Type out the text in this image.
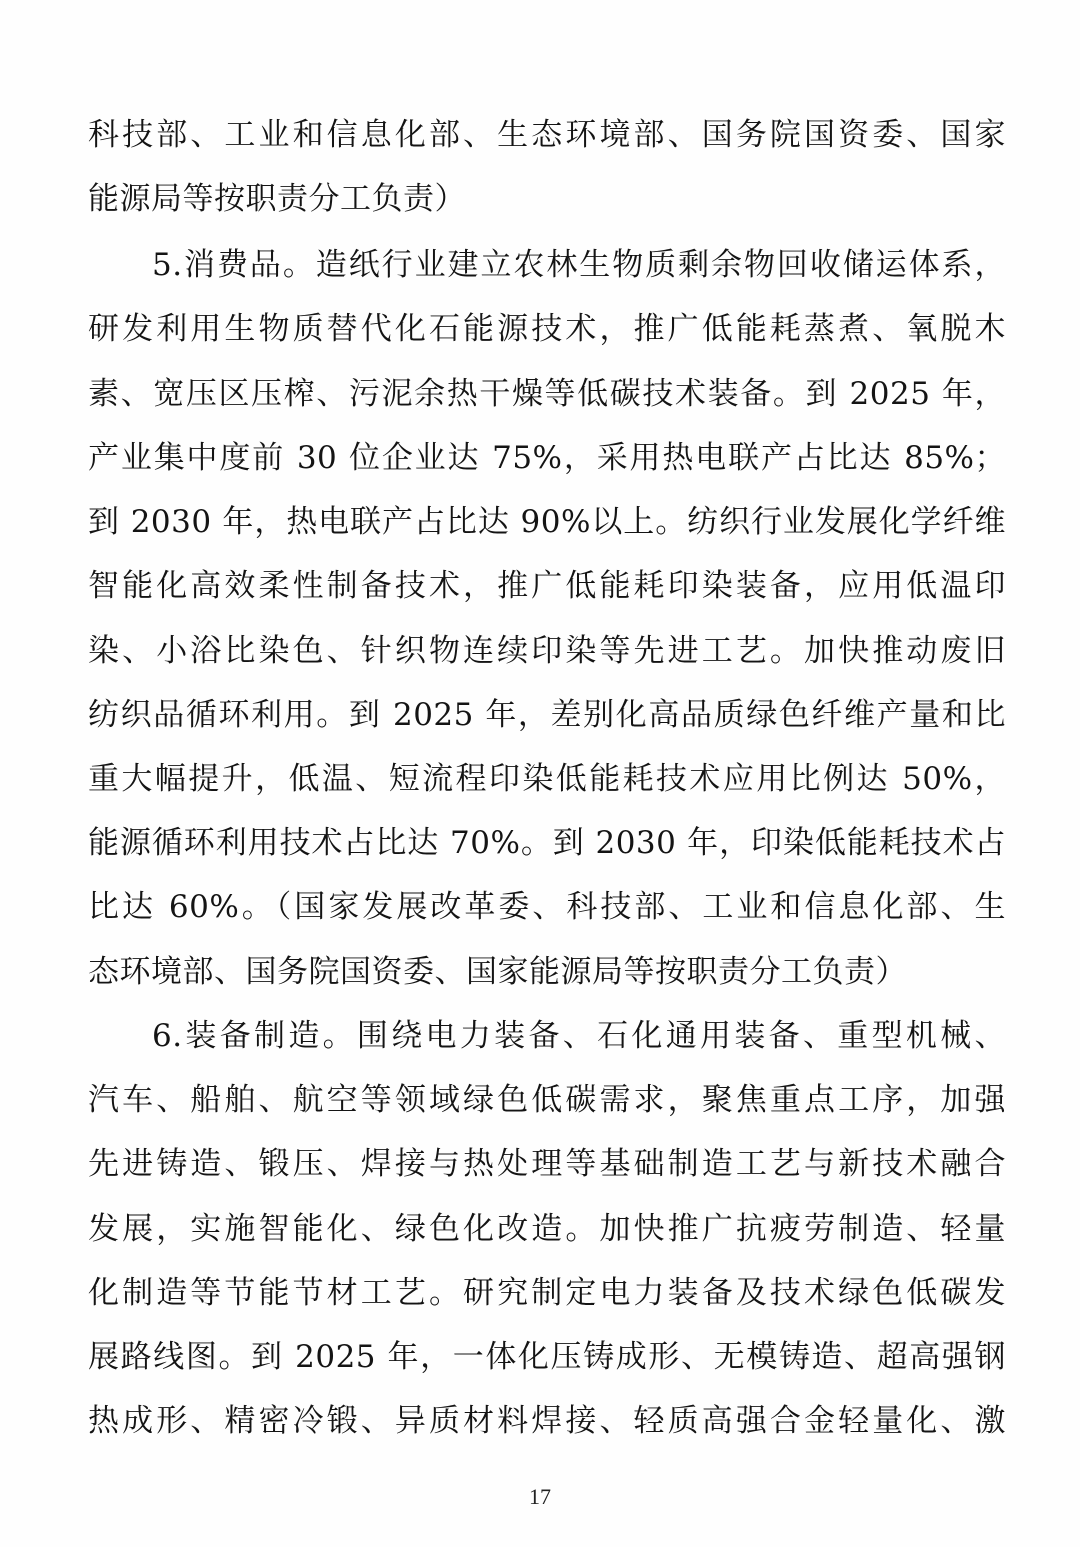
科技部、工业和信息化部、生态环境部、国务院国资委、国家

能源局等按职责分工负责）

5.消费品。造纸行业建立农林生物质剩余物回收储运体系，

研发利用生物质替代化石能源技术，推广低能耗蒸煮、氧脱木

素、宽压区压榨、污泥余热干燥等低碳技术装备。到 2025 年，

产业集中度前 30 位企业达 75%，采用热电联产占比达 85%；

到 2030 年，热电联产占比达 90%以上。纺织行业发展化学纤维

智能化高效柔性制备技术，推广低能耗印染装备，应用低温印

染、小浴比染色、针织物连续印染等先进工艺。加快推动废旧

纺织品循环利用。到 2025 年，差别化高品质绿色纤维产量和比

重大幅提升，低温、短流程印染低能耗技术应用比例达 50%，

能源循环利用技术占比达 70%。到 2030 年，印染低能耗技术占

比达 60%。（国家发展改革委、科技部、工业和信息化部、生

态环境部、国务院国资委、国家能源局等按职责分工负责）

6.装备制造。围绕电力装备、石化通用装备、重型机械、

汽车、船舶、航空等领域绿色低碳需求，聚焦重点工序，加强

先进铸造、锻压、焊接与热处理等基础制造工艺与新技术融合

发展，实施智能化、绿色化改造。加快推广抗疲劳制造、轻量

化制造等节能节材工艺。研究制定电力装备及技术绿色低碳发

展路线图。到 2025 年，一体化压铸成形、无模铸造、超高强钢

热成形、精密冷锻、异质材料焊接、轻质高强合金轻量化、激

17
